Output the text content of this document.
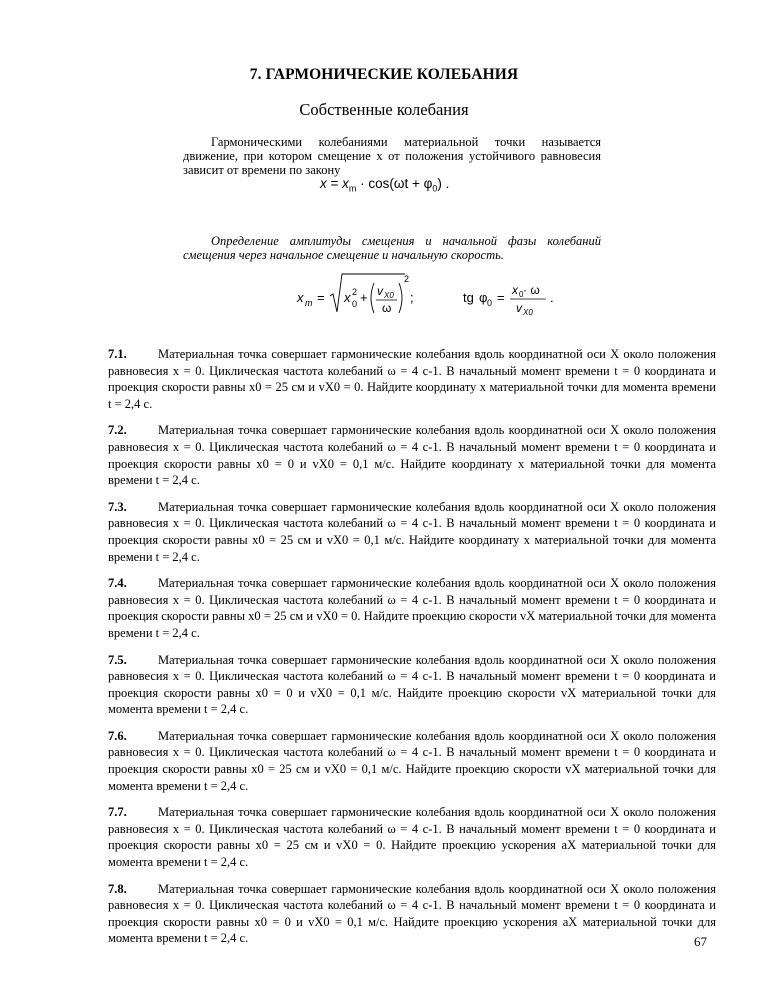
7. ГАРМОНИЧЕСКИЕ КОЛЕБАНИЯ
Собственные колебания
Гармоническими колебаниями материальной точки называется движение, при котором смещение x от положения устойчивого равновесия зависит от времени по закону
$x = x_m \cdot \cos(\omega t + \varphi_0)$ .
Определение амплитуды смещения и начальной фазы колебаний смещения через начальное смещение и начальную скорость.
x m = x 2
0 + v X0
ω
2
;	tg φ 0 = x 0 · ω
v X0
.
7.1.	Материальная точка совершает гармонические колебания вдоль координатной оси X около положения равновесия x = 0. Циклическая частота колебаний ω = 4 с-1. В начальный момент времени t = 0 координата и проекция скорости равны x0 = 25 см и vX0 = 0. Найдите координату x материальной точки для момента времени t = 2,4 с.
7.2.	Материальная точка совершает гармонические колебания вдоль координатной оси X около положения равновесия x = 0. Циклическая частота колебаний ω = 4 с-1. В начальный момент времени t = 0 координата и проекция скорости равны x0 = 0 и vX0 = 0,1 м/с. Найдите координату x материальной точки для момента времени t = 2,4 с.
7.3.	Материальная точка совершает гармонические колебания вдоль координатной оси X около положения равновесия x = 0. Циклическая частота колебаний ω = 4 с-1. В начальный момент времени t = 0 координата и проекция скорости равны x0 = 25 см и vX0 = 0,1 м/с. Найдите координату x материальной точки для момента времени t = 2,4 с.
7.4.	Материальная точка совершает гармонические колебания вдоль координатной оси X около положения равновесия x = 0. Циклическая частота колебаний ω = 4 с-1. В начальный момент времени t = 0 координата и проекция скорости равны x0 = 25 см и vX0 = 0. Найдите проекцию скорости vX материальной точки для момента времени t = 2,4 с.
7.5.	Материальная точка совершает гармонические колебания вдоль координатной оси X около положения равновесия x = 0. Циклическая частота колебаний ω = 4 с-1. В начальный момент времени t = 0 координата и проекция скорости равны x0 = 0 и vX0 = 0,1 м/с. Найдите проекцию скорости vX материальной точки для момента времени t = 2,4 с.
7.6.	Материальная точка совершает гармонические колебания вдоль координатной оси X около положения равновесия x = 0. Циклическая частота колебаний ω = 4 с-1. В начальный момент времени t = 0 координата и проекция скорости равны x0 = 25 см и vX0 = 0,1 м/с. Найдите проекцию скорости vX материальной точки для момента времени t = 2,4 с.
7.7.	Материальная точка совершает гармонические колебания вдоль координатной оси X около положения равновесия x = 0. Циклическая частота колебаний ω = 4 с-1. В начальный момент времени t = 0 координата и проекция скорости равны x0 = 25 см и vX0 = 0. Найдите проекцию ускорения aX материальной точки для момента времени t = 2,4 с.
7.8.	Материальная точка совершает гармонические колебания вдоль координатной оси X около положения равновесия x = 0. Циклическая частота колебаний ω = 4 с-1. В начальный момент времени t = 0 координата и проекция скорости равны x0 = 0 и vX0 = 0,1 м/с. Найдите проекцию ускорения aX материальной точки для момента времени t = 2,4 с.	67
